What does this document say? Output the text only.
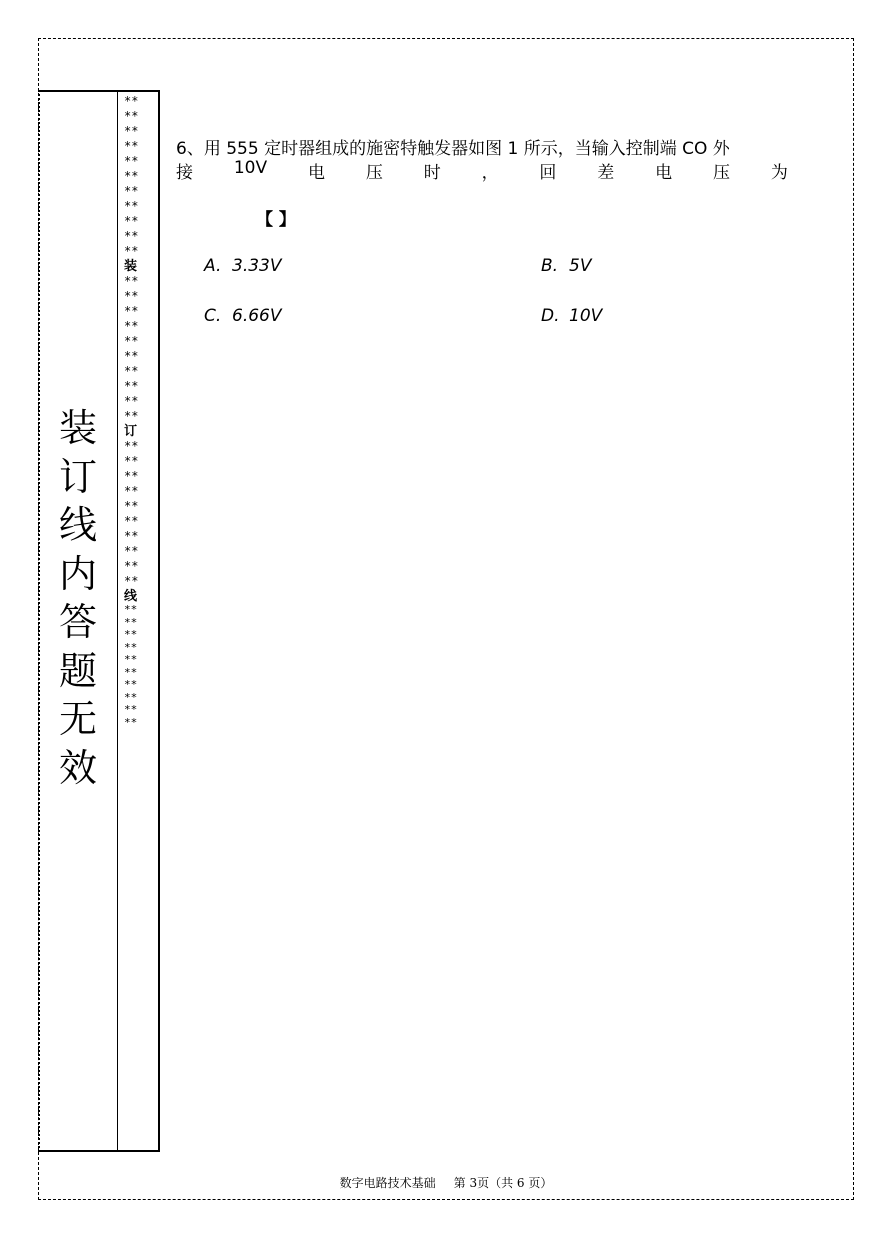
装
订
线
内
答
题
无
效
**
**
**
**
**
**
**
**
**
**
**
装
**
**
**
**
**
**
**
**
**
**
订
**
**
**
**
**
**
**
**
**
**
线
**
**
**
**
**
**
**
**
**
**
6、用 555 定时器组成的施密特触发器如图 1 所示，当输入控制端 CO 外
接 10V 电 压 时 ， 回 差 电 压 为
【 】
A. 3.33V	B. 5V
C. 6.66V	D. 10V
数字电路技术基础 第 3页（共 6 页）
